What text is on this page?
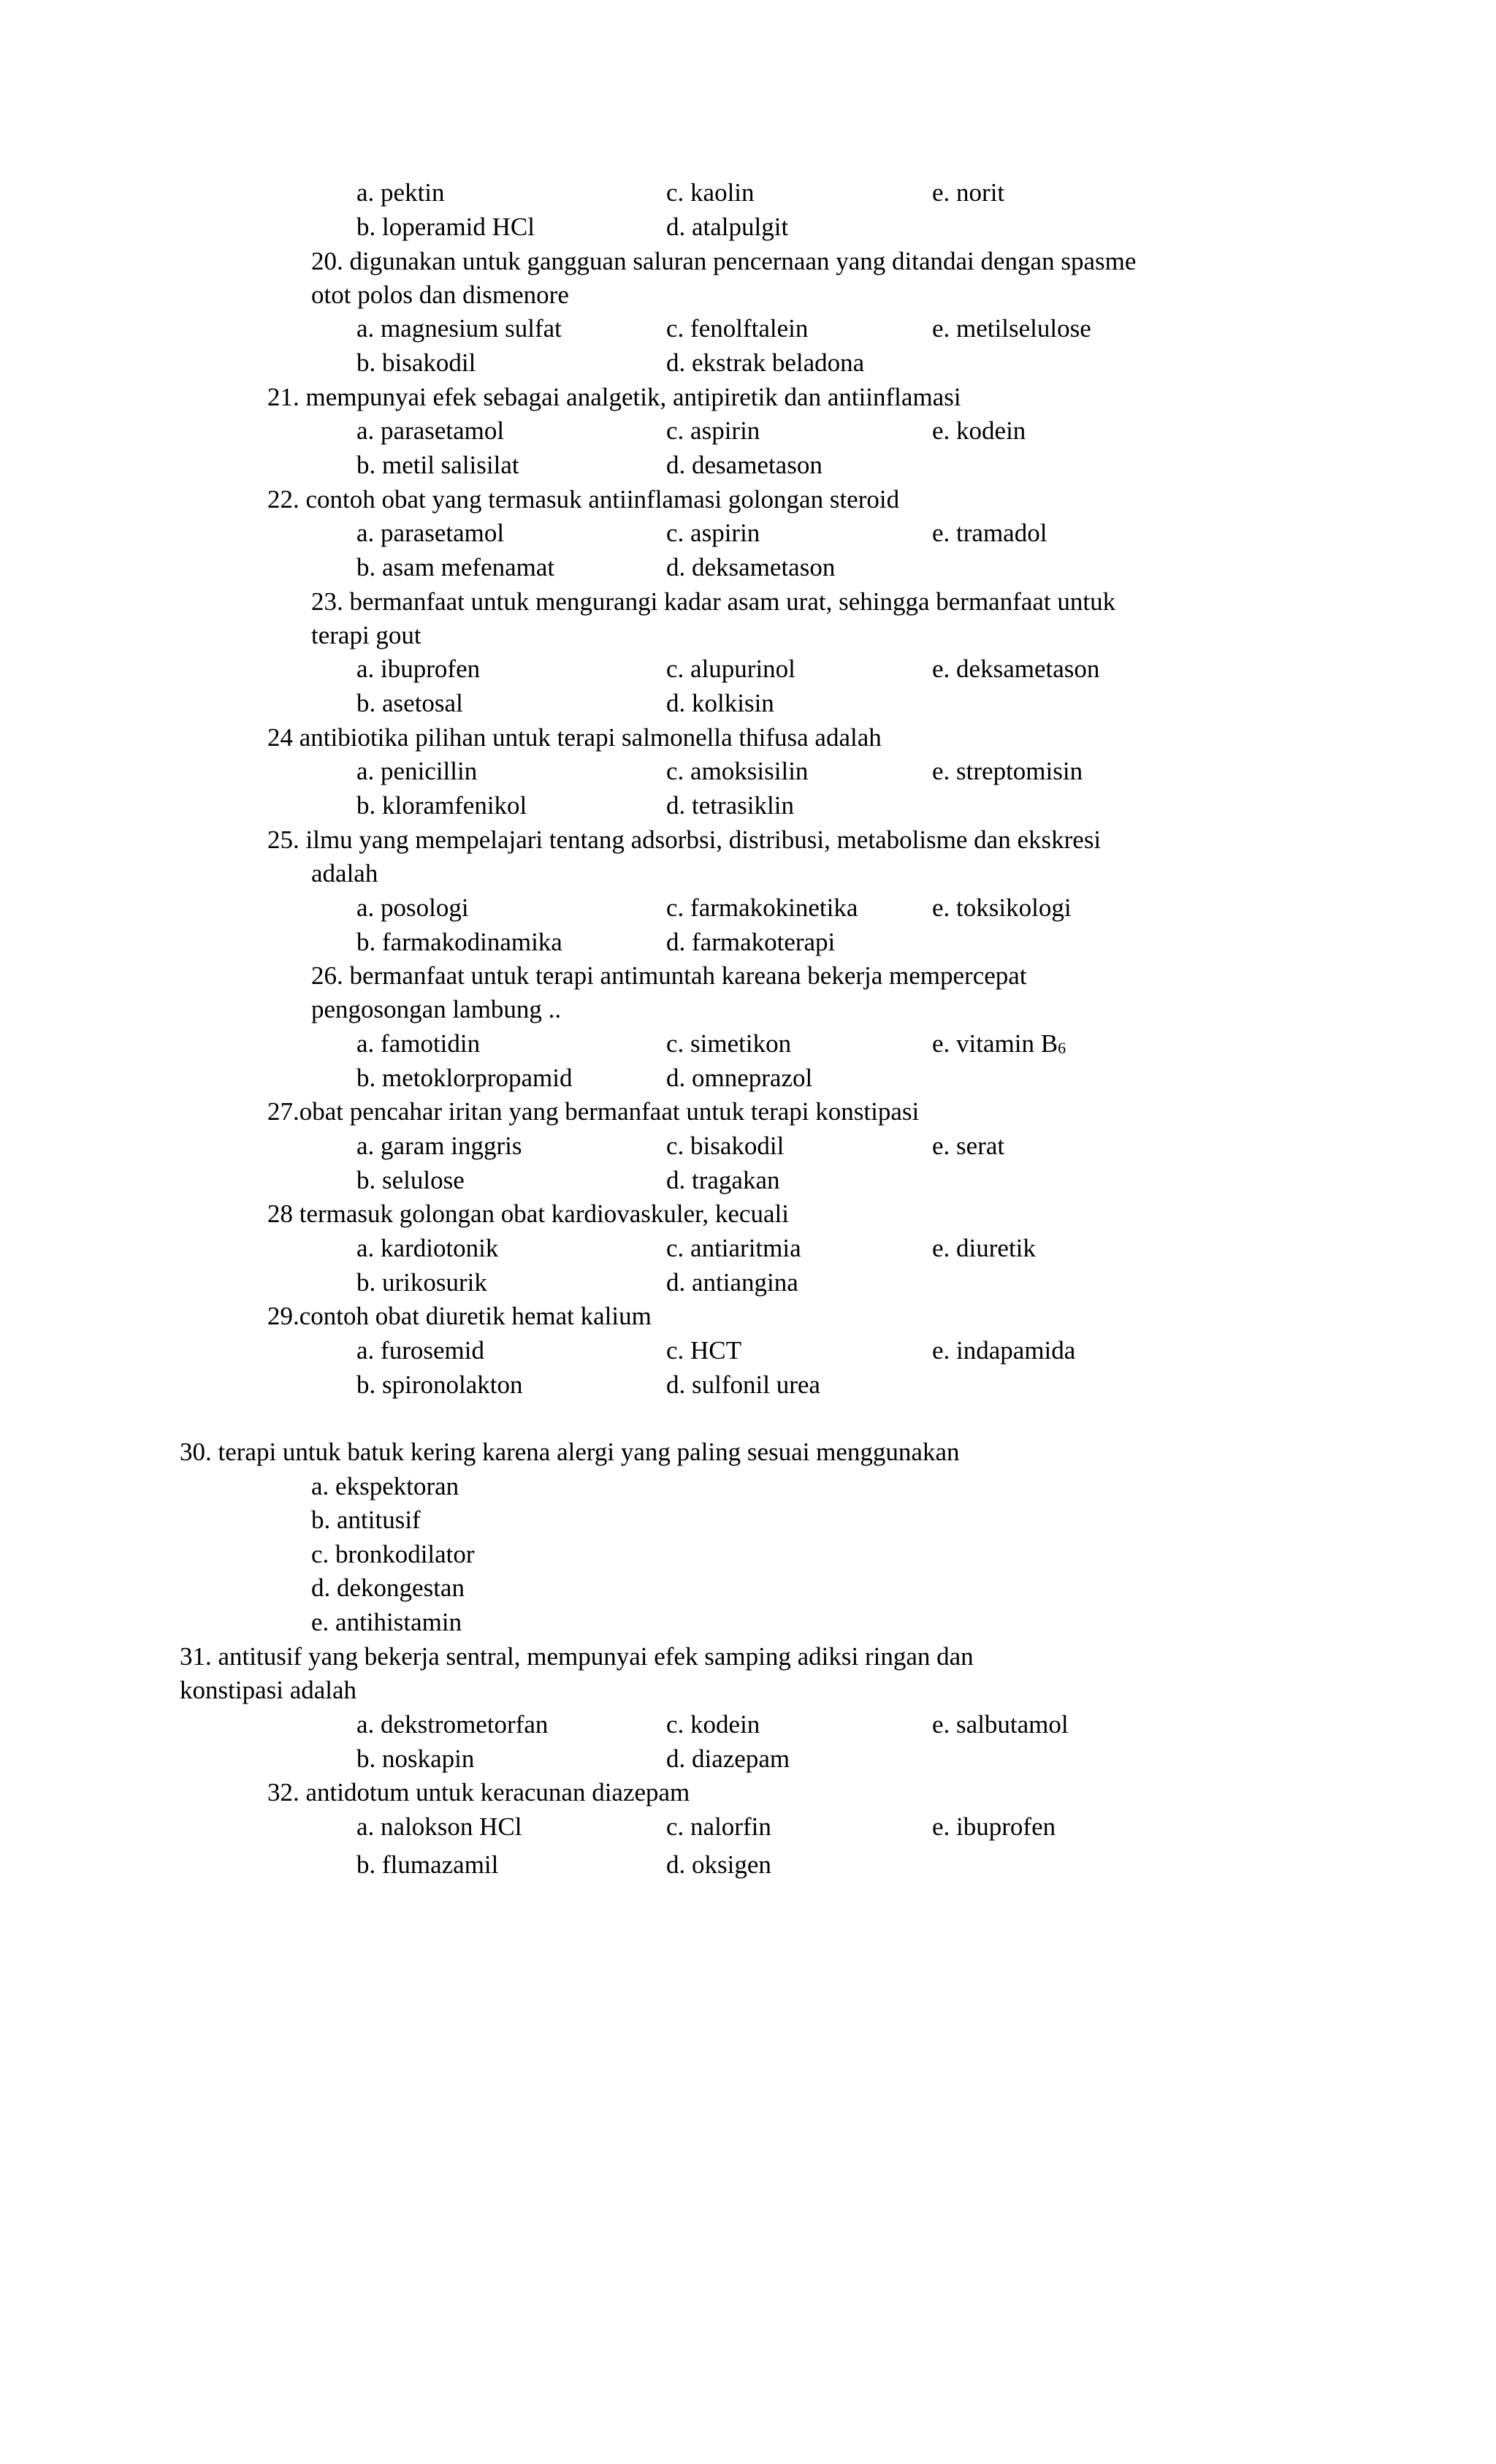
a. pektin	c. kaolin	e. norit
b. loperamid HCl	d. atalpulgit
20. digunakan untuk gangguan saluran pencernaan yang ditandai dengan spasme
otot polos dan dismenore
a. magnesium sulfat	c. fenolftalein	e. metilselulose
b. bisakodil	d. ekstrak beladona
21. mempunyai efek sebagai analgetik, antipiretik dan antiinflamasi
a. parasetamol	c. aspirin	e. kodein
b. metil salisilat	d. desametason
22. contoh obat yang termasuk antiinflamasi golongan steroid
a. parasetamol	c. aspirin	e. tramadol
b. asam mefenamat	d. deksametason
23. bermanfaat untuk mengurangi kadar asam urat, sehingga bermanfaat untuk
terapi gout
a. ibuprofen	c. alupurinol	e. deksametason
b. asetosal	d. kolkisin
24 antibiotika pilihan untuk terapi salmonella thifusa adalah
a. penicillin	c. amoksisilin	e. streptomisin
b. kloramfenikol	d. tetrasiklin
25. ilmu yang mempelajari tentang adsorbsi, distribusi, metabolisme dan ekskresi
adalah
a. posologi	c. farmakokinetika	e. toksikologi
b. farmakodinamika	d. farmakoterapi
26. bermanfaat untuk terapi antimuntah kareana bekerja mempercepat
pengosongan lambung ..
a. famotidin	c. simetikon	e. vitamin $B_6$
b. metoklorpropamid	d. omneprazol
27.obat pencahar iritan yang bermanfaat untuk terapi konstipasi
a. garam inggris	c. bisakodil	e. serat
b. selulose	d. tragakan
28 termasuk golongan obat kardiovaskuler, kecuali
a. kardiotonik	c. antiaritmia	e. diuretik
b. urikosurik	d. antiangina
29.contoh obat diuretik hemat kalium
a. furosemid	c. HCT	e. indapamida
b. spironolakton	d. sulfonil urea
30. terapi untuk batuk kering karena alergi yang paling sesuai menggunakan
a. ekspektoran
b. antitusif
c. bronkodilator
d. dekongestan
e. antihistamin
31. antitusif yang bekerja sentral, mempunyai efek samping adiksi ringan dan
konstipasi adalah
a. dekstrometorfan	c. kodein	e. salbutamol
b. noskapin	d. diazepam
32. antidotum untuk keracunan diazepam
a. nalokson HCl	c. nalorfin	e. ibuprofen
b. flumazamil	d. oksigen
